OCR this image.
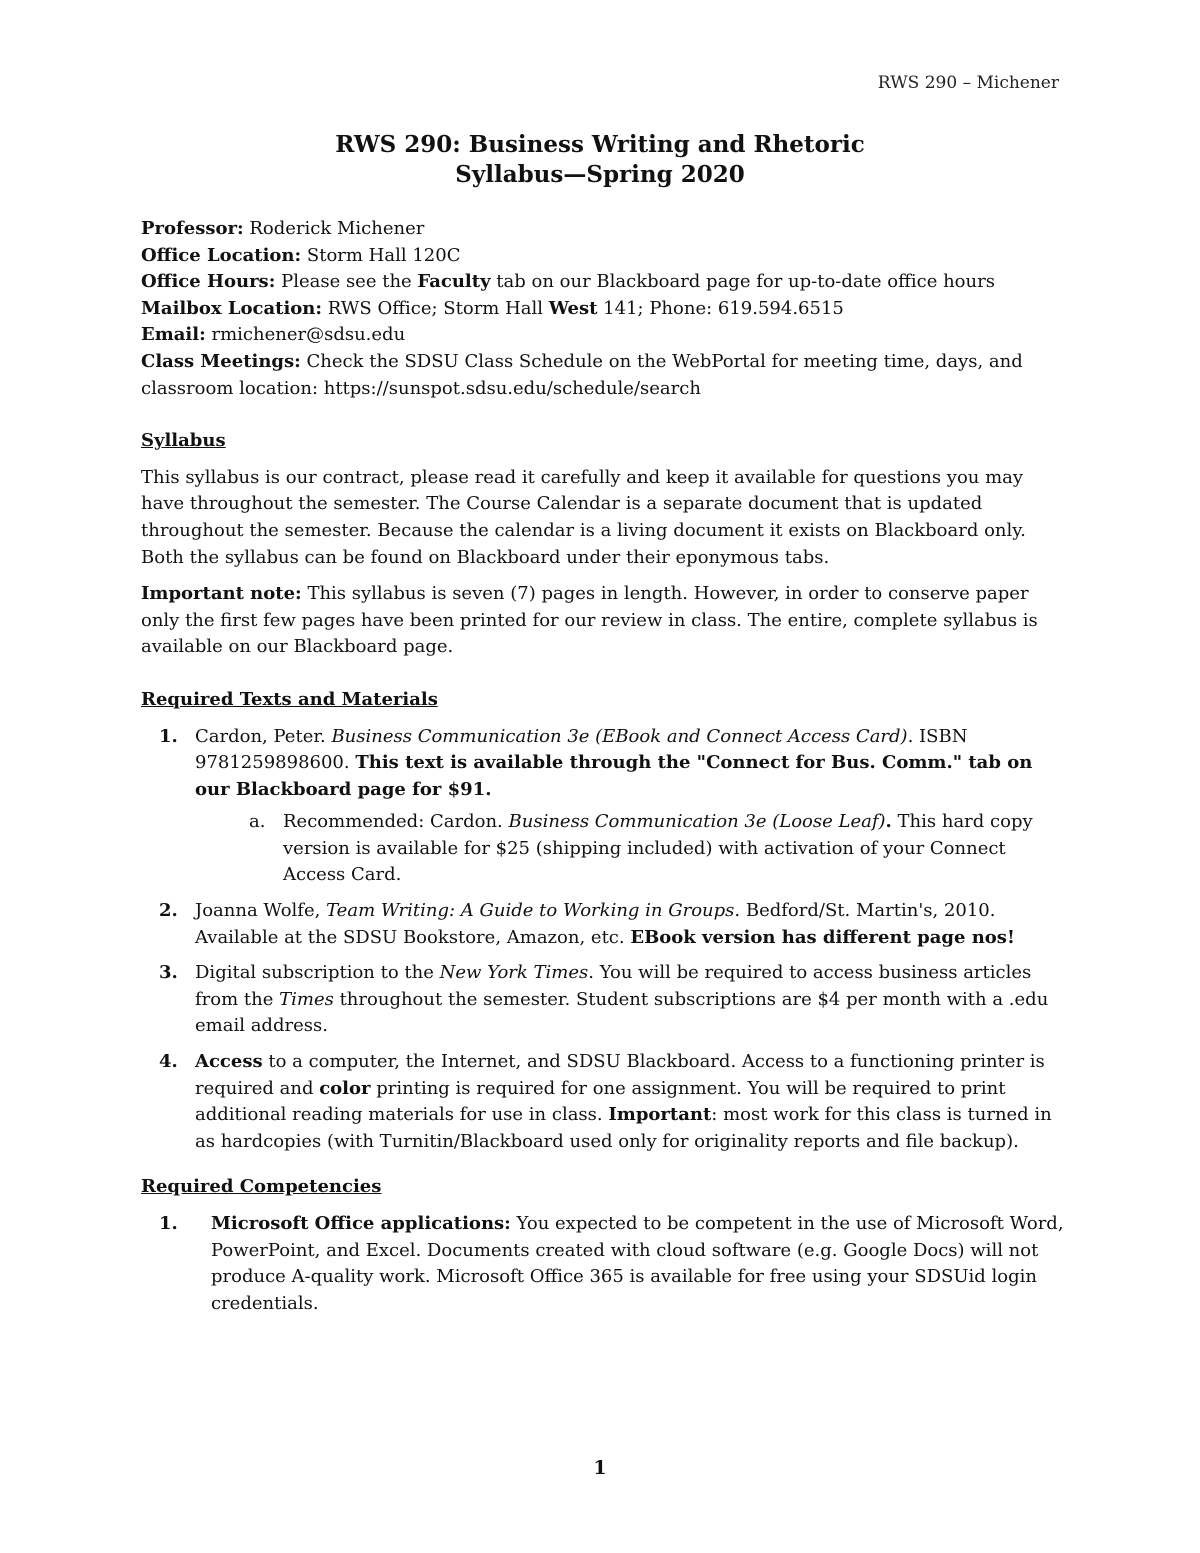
RWS 290 – Michener
RWS 290: Business Writing and Rhetoric
Syllabus—Spring 2020

Professor: Roderick Michener

Office Location: Storm Hall 120C

Office Hours: Please see the Faculty tab on our Blackboard page for up-to-date office hours

Mailbox Location: RWS Office; Storm Hall West 141; Phone: 619.594.6515

Email: rmichener@sdsu.edu

Class Meetings: Check the SDSU Class Schedule on the WebPortal for meeting time, days, and classroom location: https://sunspot.sdsu.edu/schedule/search

Syllabus

This syllabus is our contract, please read it carefully and keep it available for questions you may have throughout the semester. The Course Calendar is a separate document that is updated throughout the semester. Because the calendar is a living document it exists on Blackboard only. Both the syllabus can be found on Blackboard under their eponymous tabs.

Important note: This syllabus is seven (7) pages in length. However, in order to conserve paper only the first few pages have been printed for our review in class. The entire, complete syllabus is available on our Blackboard page.

Required Texts and Materials

1. Cardon, Peter. Business Communication 3e (EBook and Connect Access Card). ISBN 9781259898600. This text is available through the "Connect for Bus. Comm." tab on our Blackboard page for $91.
a. Recommended: Cardon. Business Communication 3e (Loose Leaf). This hard copy version is available for $25 (shipping included) with activation of your Connect Access Card.
2. Joanna Wolfe, Team Writing: A Guide to Working in Groups. Bedford/St. Martin's, 2010. Available at the SDSU Bookstore, Amazon, etc. EBook version has different page nos!
3. Digital subscription to the New York Times. You will be required to access business articles from the Times throughout the semester. Student subscriptions are $4 per month with a .edu email address.
4. Access to a computer, the Internet, and SDSU Blackboard. Access to a functioning printer is required and color printing is required for one assignment. You will be required to print additional reading materials for use in class. Important: most work for this class is turned in as hardcopies (with Turnitin/Blackboard used only for originality reports and file backup).

Required Competencies

1. Microsoft Office applications: You expected to be competent in the use of Microsoft Word, PowerPoint, and Excel. Documents created with cloud software (e.g. Google Docs) will not produce A-quality work. Microsoft Office 365 is available for free using your SDSUid login credentials.
1
